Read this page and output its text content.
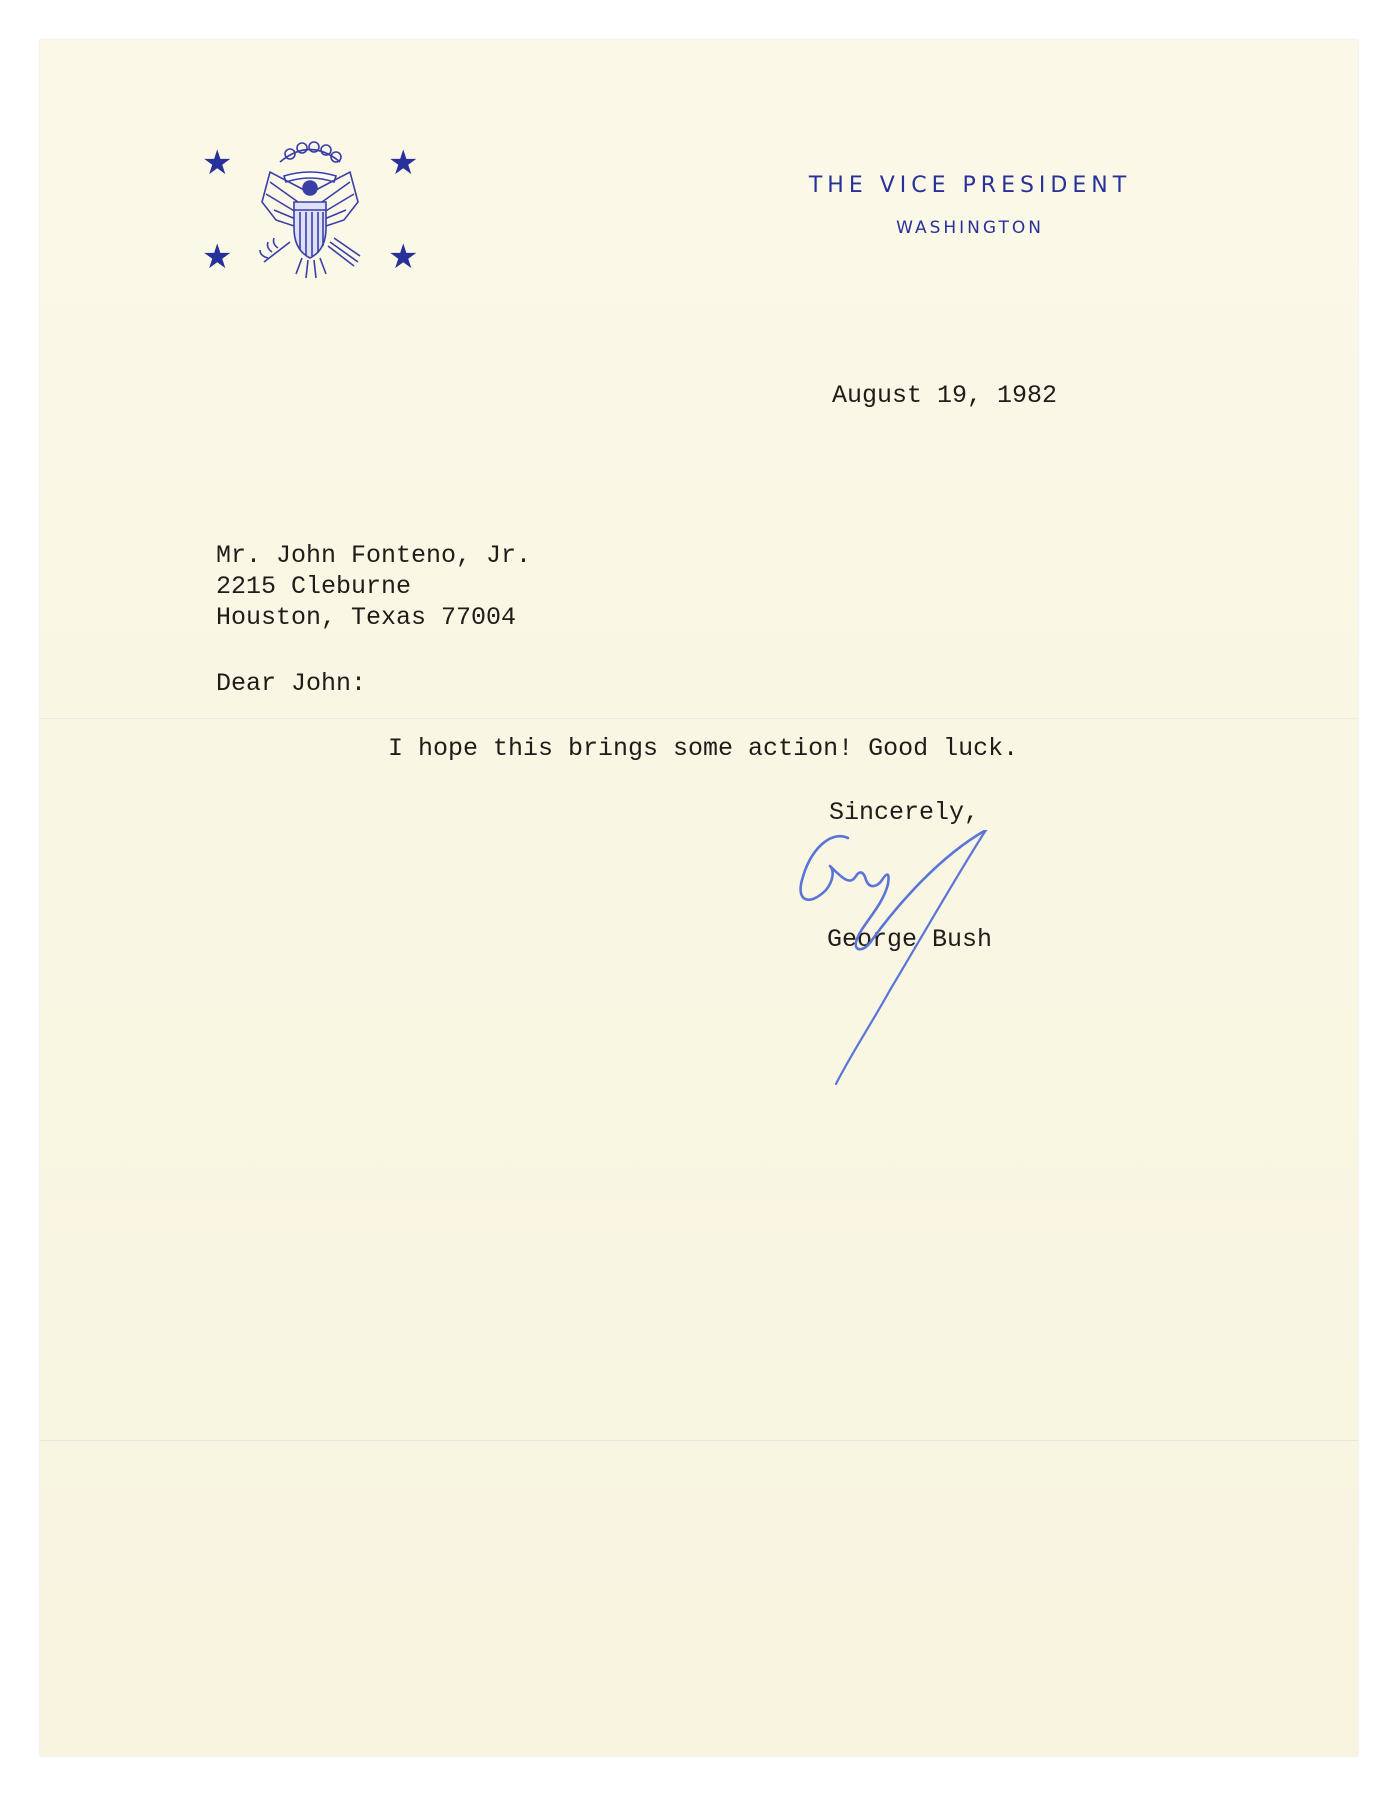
★	★
★	★
THE VICE PRESIDENT
WASHINGTON
August 19, 1982
Mr. John Fonteno, Jr.
2215 Cleburne
Houston, Texas 77004
Dear John:
I hope this brings some action! Good luck.
Sincerely,
George Bush
